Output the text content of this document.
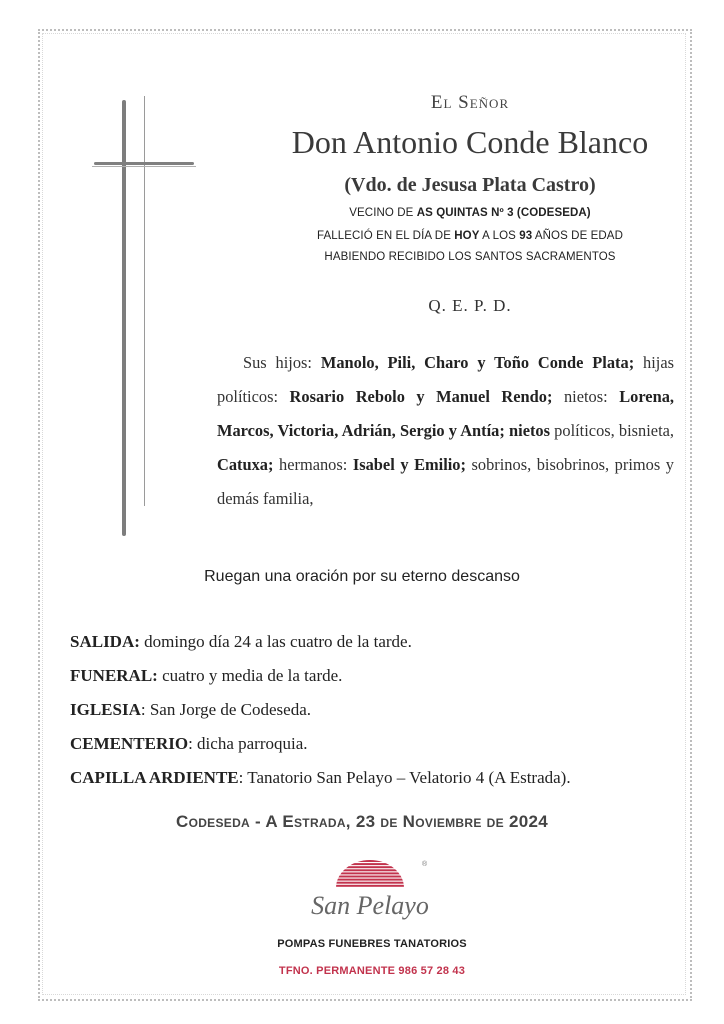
El Señor
Don Antonio Conde Blanco
(Vdo. de Jesusa Plata Castro)
VECINO DE AS QUINTAS Nº 3 (CODESEDA)
FALLECIÓ EN EL DÍA DE HOY A LOS 93 AÑOS DE EDAD
HABIENDO RECIBIDO LOS SANTOS SACRAMENTOS
Q. E. P. D.
Sus hijos: Manolo, Pili, Charo y Toño Conde Plata; hijas políticos: Rosario Rebolo y Manuel Rendo; nietos: Lorena, Marcos, Victoria, Adrián, Sergio y Antía; nietos políticos, bisnieta, Catuxa; hermanos: Isabel y Emilio; sobrinos, bisobrinos, primos y demás familia,
Ruegan una oración por su eterno descanso
SALIDA: domingo día 24 a las cuatro de la tarde.
FUNERAL: cuatro y media de la tarde.
IGLESIA: San Jorge de Codeseda.
CEMENTERIO: dicha parroquia.
CAPILLA ARDIENTE: Tanatorio San Pelayo – Velatorio 4 (A Estrada).
Codeseda - A Estrada, 23 de Noviembre de 2024
®
San Pelayo
POMPAS FUNEBRES TANATORIOS
TFNO. PERMANENTE 986 57 28 43
